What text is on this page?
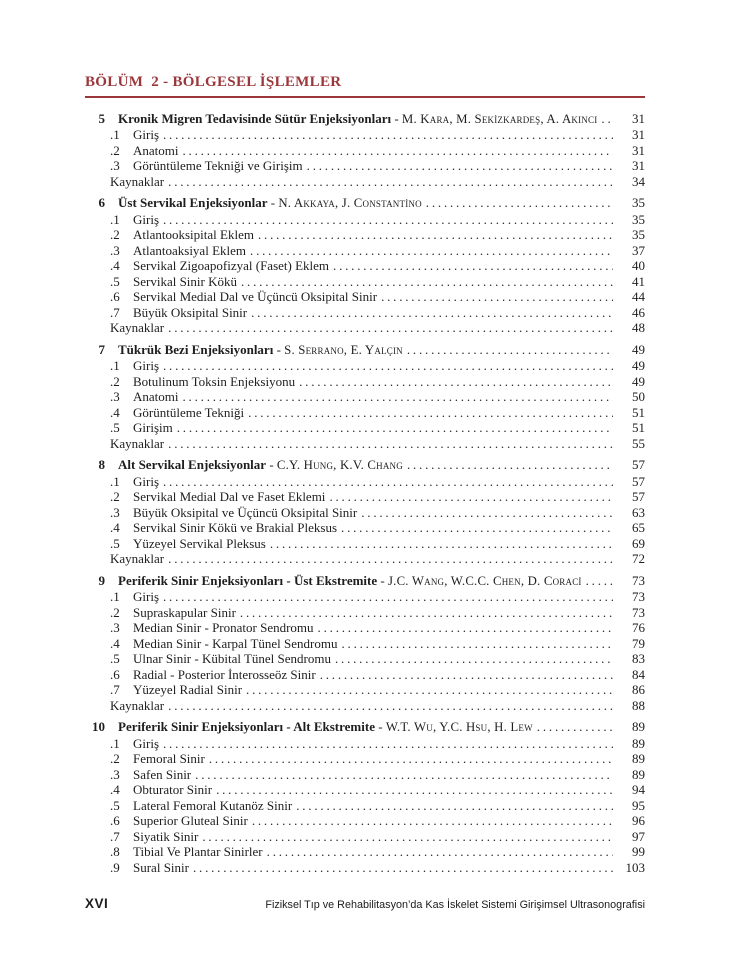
BÖLÜM  2 - BÖLGESEL İŞLEMLER
5 Kronik Migren Tedavisinde Sütür Enjeksiyonları - M. Kara, M. Sekizkardeş, A. Akıncı .....	31
.1 Giriş .....	31
.2 Anatomi .....	31
.3 Görüntüleme Tekniği ve Girişim .....	31
Kaynaklar .....	34
6 Üst Servikal Enjeksiyonlar - N. Akkaya, J. Constantino .....	35
.1 Giriş .....	35
.2 Atlantooksipital Eklem .....	35
.3 Atlantoaksiyal Eklem .....	37
.4 Servikal Zigoapofizyal (Faset) Eklem .....	40
.5 Servikal Sinir Kökü .....	41
.6 Servikal Medial Dal ve Üçüncü Oksipital Sinir .....	44
.7 Büyük Oksipital Sinir .....	46
Kaynaklar .....	48
7 Tükrük Bezi Enjeksiyonları - S. Serrano, E. Yalçın .....	49
.1 Giriş .....	49
.2 Botulinum Toksin Enjeksiyonu .....	49
.3 Anatomi .....	50
.4 Görüntüleme Tekniği .....	51
.5 Girişim .....	51
Kaynaklar .....	55
8 Alt Servikal Enjeksiyonlar - C.Y. Hung, K.V. Chang .....	57
.1 Giriş .....	57
.2 Servikal Medial Dal ve Faset Eklemi .....	57
.3 Büyük Oksipital ve Üçüncü Oksipital Sinir .....	63
.4 Servikal Sinir Kökü ve Brakial Pleksus .....	65
.5 Yüzeyel Servikal Pleksus .....	69
Kaynaklar .....	72
9 Periferik Sinir Enjeksiyonları - Üst Ekstremite - J.C. Wang, W.C.C. Chen, D. Coraci .....	73
.1 Giriş .....	73
.2 Supraskapular Sinir .....	73
.3 Median Sinir - Pronator Sendromu .....	76
.4 Median Sinir - Karpal Tünel Sendromu .....	79
.5 Ulnar Sinir - Kübital Tünel Sendromu .....	83
.6 Radial - Posterior İnterosseöz Sinir .....	84
.7 Yüzeyel Radial Sinir .....	86
Kaynaklar .....	88
10 Periferik Sinir Enjeksiyonları - Alt Ekstremite - W.T. Wu, Y.C. Hsu, H. Lew .....	89
.1 Giriş .....	89
.2 Femoral Sinir .....	89
.3 Safen Sinir .....	89
.4 Obturator Sinir .....	94
.5 Lateral Femoral Kutanöz Sinir .....	95
.6 Superior Gluteal Sinir .....	96
.7 Siyatik Sinir .....	97
.8 Tibial Ve Plantar Sinirler .....	99
.9 Sural Sinir .....	103
XVI	Fiziksel Tıp ve Rehabilitasyon’da Kas İskelet Sistemi Girişimsel Ultrasonografisi
